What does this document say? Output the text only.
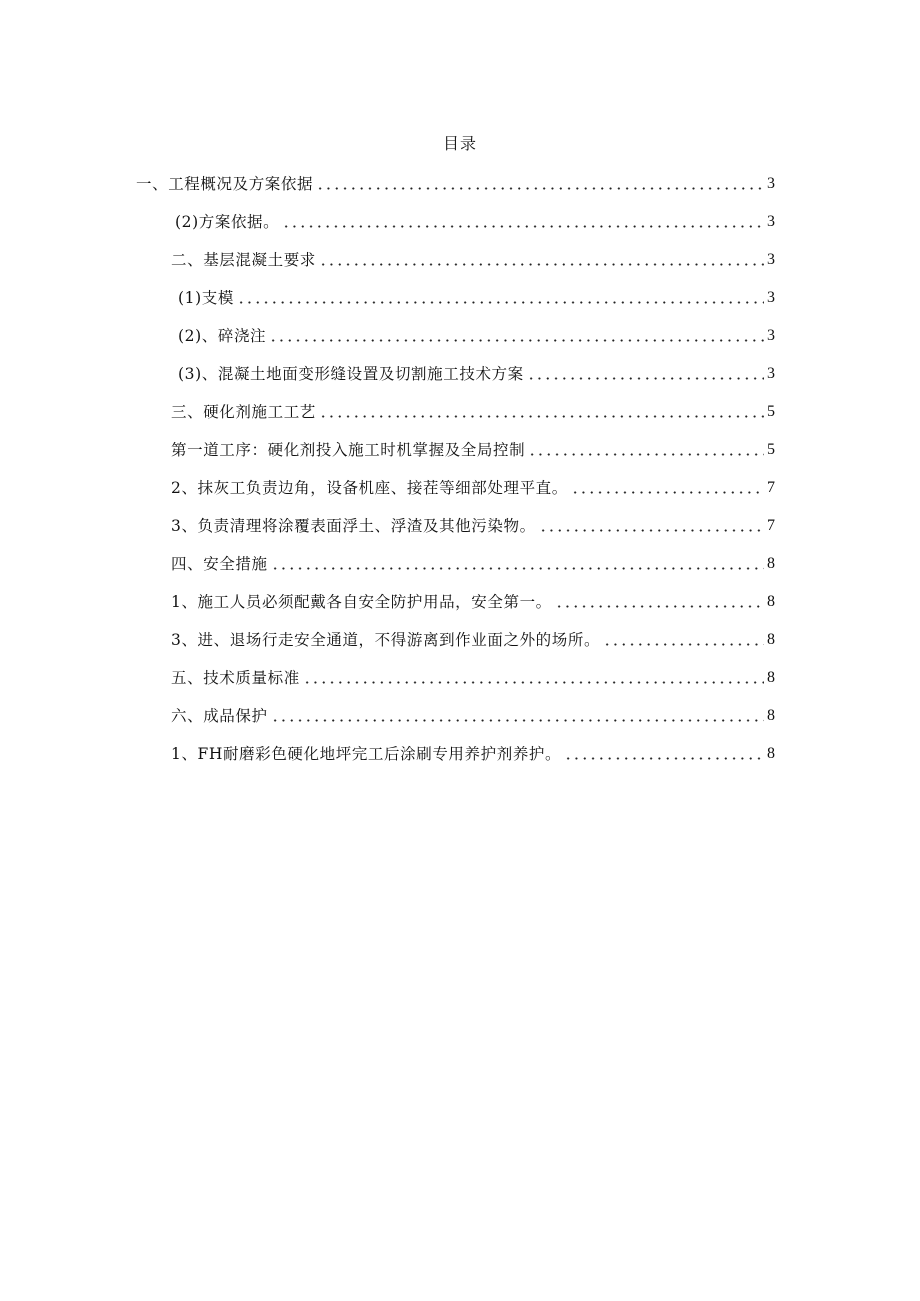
目录
一、工程概况及方案依据	3
(2)方案依据。	3
二、基层混凝土要求	3
(1)支模	3
(2)、碎浇注	3
(3)、混凝土地面变形缝设置及切割施工技术方案	3
三、硬化剂施工工艺	5
第一道工序：硬化剂投入施工时机掌握及全局控制	5
2、抹灰工负责边角，设备机座、接茬等细部处理平直。	7
3、负责清理将涂覆表面浮土、浮渣及其他污染物。	7
四、安全措施	8
1、施工人员必须配戴各自安全防护用品，安全第一。	8
3、进、退场行走安全通道，不得游离到作业面之外的场所。	8
五、技术质量标准	8
六、成品保护	8
1、FH耐磨彩色硬化地坪完工后涂刷专用养护剂养护。	8
